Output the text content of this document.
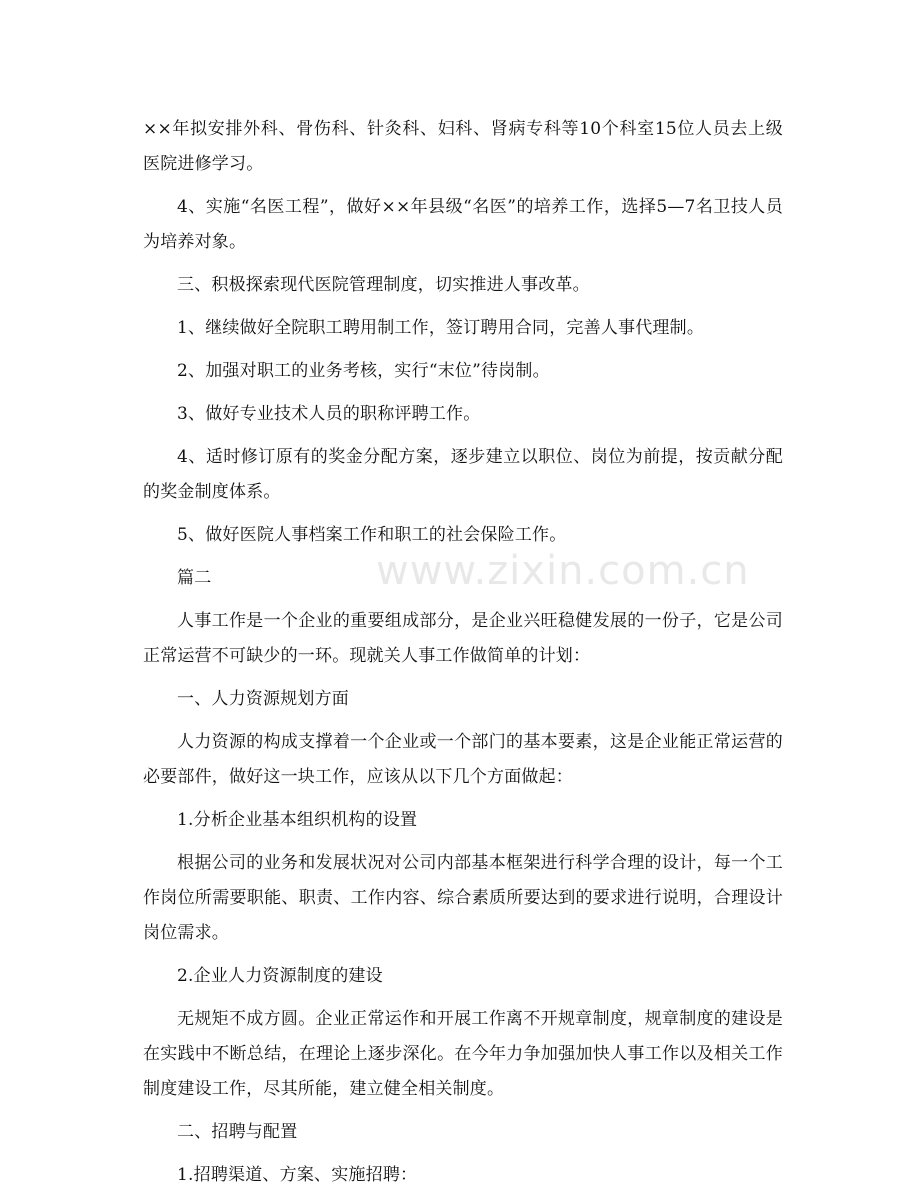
××年拟安排外科、骨伤科、针灸科、妇科、肾病专科等10个科室15位人员去上级医院进修学习。

4、实施“名医工程”，做好××年县级“名医”的培养工作，选择5—7名卫技人员为培养对象。

三、积极探索现代医院管理制度，切实推进人事改革。

1、继续做好全院职工聘用制工作，签订聘用合同，完善人事代理制。

2、加强对职工的业务考核，实行“末位”待岗制。

3、做好专业技术人员的职称评聘工作。

4、适时修订原有的奖金分配方案，逐步建立以职位、岗位为前提，按贡献分配的奖金制度体系。

5、做好医院人事档案工作和职工的社会保险工作。

篇二

人事工作是一个企业的重要组成部分，是企业兴旺稳健发展的一份子，它是公司正常运营不可缺少的一环。现就关人事工作做简单的计划：

一、人力资源规划方面

人力资源的构成支撑着一个企业或一个部门的基本要素，这是企业能正常运营的必要部件，做好这一块工作，应该从以下几个方面做起：

1.分析企业基本组织机构的设置

根据公司的业务和发展状况对公司内部基本框架进行科学合理的设计，每一个工作岗位所需要职能、职责、工作内容、综合素质所要达到的要求进行说明，合理设计岗位需求。

2.企业人力资源制度的建设

无规矩不成方圆。企业正常运作和开展工作离不开规章制度，规章制度的建设是在实践中不断总结，在理论上逐步深化。在今年力争加强加快人事工作以及相关工作制度建设工作，尽其所能，建立健全相关制度。

二、招聘与配置

1.招聘渠道、方案、实施招聘：

www.zixin.com.cn
